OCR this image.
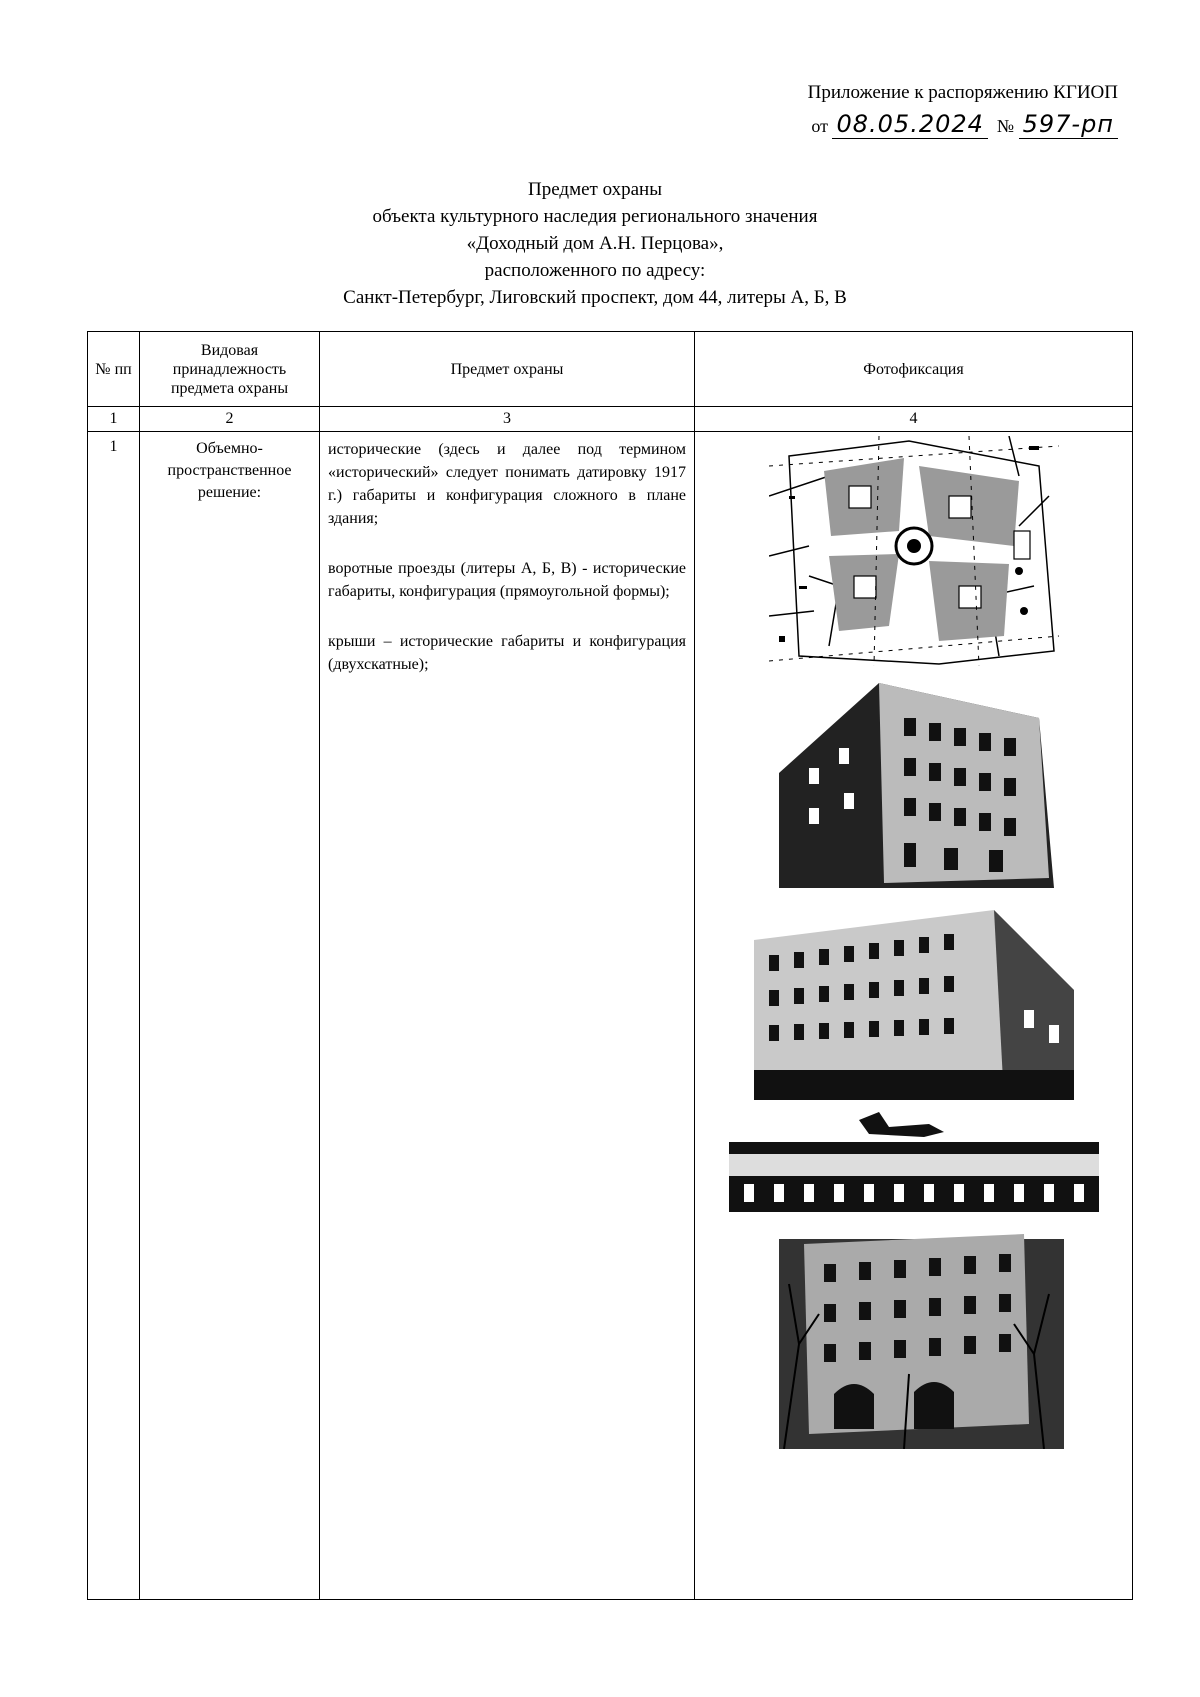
Приложение к распоряжению КГИОП
от 08.05.2024 № 597-рп
Предмет охраны
объекта культурного наследия регионального значения
«Доходный дом А.Н. Перцова»,
расположенного по адресу:
Санкт-Петербург, Лиговский проспект, дом 44, литеры А, Б, В
№ пп	Видовая принадлежность предмета охраны	Предмет охраны	Фотофиксация
1	2	3	4
1	Объемно-пространственное решение:	исторические (здесь и далее под термином «исторический» следует понимать датировку 1917 г.) габариты и конфигурация сложного в плане здания;

воротные проезды (литеры А, Б, В) - исторические габариты, конфигурация (прямоугольной формы);

крыши – исторические габариты и конфигурация (двухскатные);
